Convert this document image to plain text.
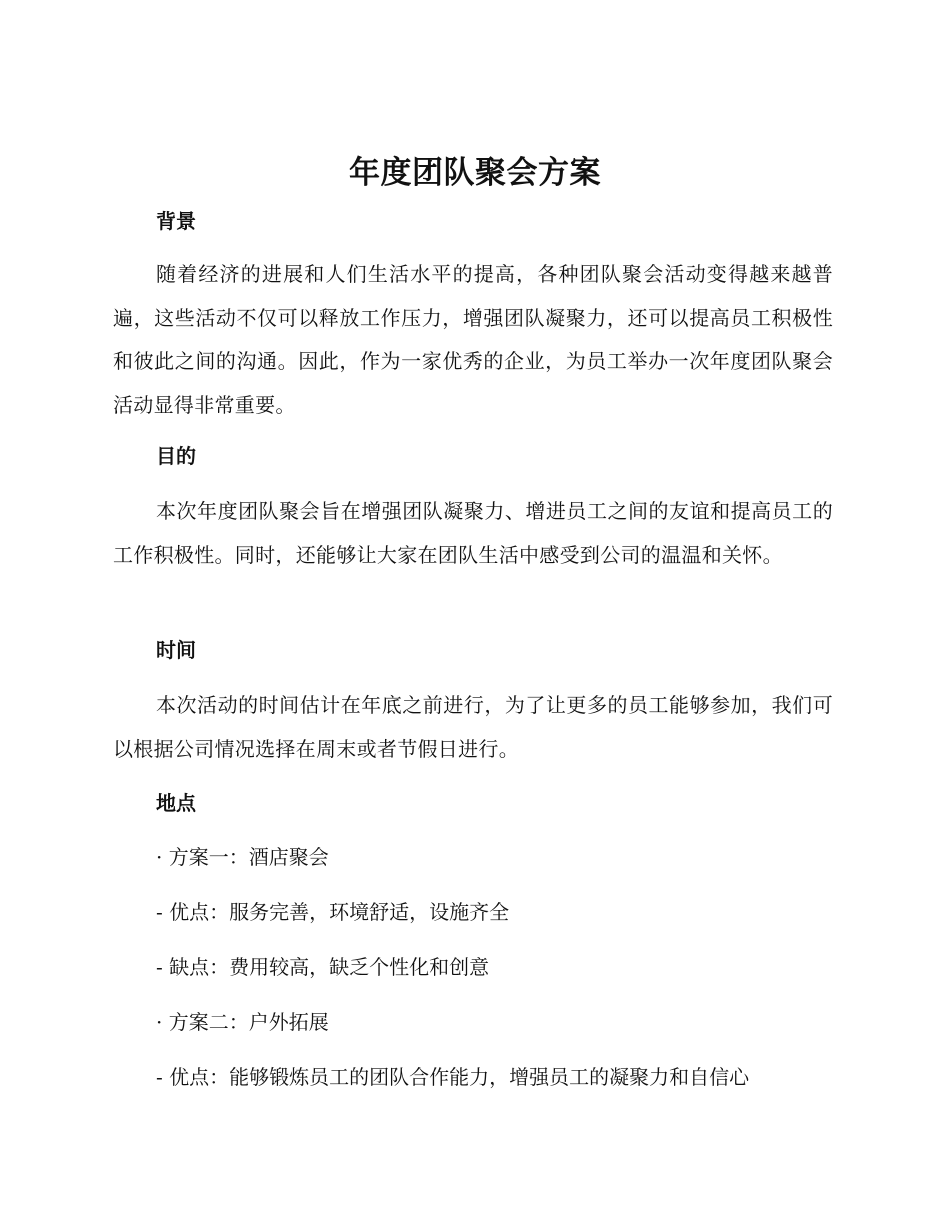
年度团队聚会方案
背景

随着经济的进展和人们生活水平的提高，各种团队聚会活动变得越来越普遍，这些活动不仅可以释放工作压力，增强团队凝聚力，还可以提高员工积极性和彼此之间的沟通。因此，作为一家优秀的企业，为员工举办一次年度团队聚会活动显得非常重要。

目的

本次年度团队聚会旨在增强团队凝聚力、增进员工之间的友谊和提高员工的工作积极性。同时，还能够让大家在团队生活中感受到公司的温温和关怀。

时间

本次活动的时间估计在年底之前进行，为了让更多的员工能够参加，我们可以根据公司情况选择在周末或者节假日进行。

地点

· 方案一：酒店聚会

- 优点：服务完善，环境舒适，设施齐全

- 缺点：费用较高，缺乏个性化和创意

· 方案二：户外拓展

- 优点：能够锻炼员工的团队合作能力，增强员工的凝聚力和自信心
